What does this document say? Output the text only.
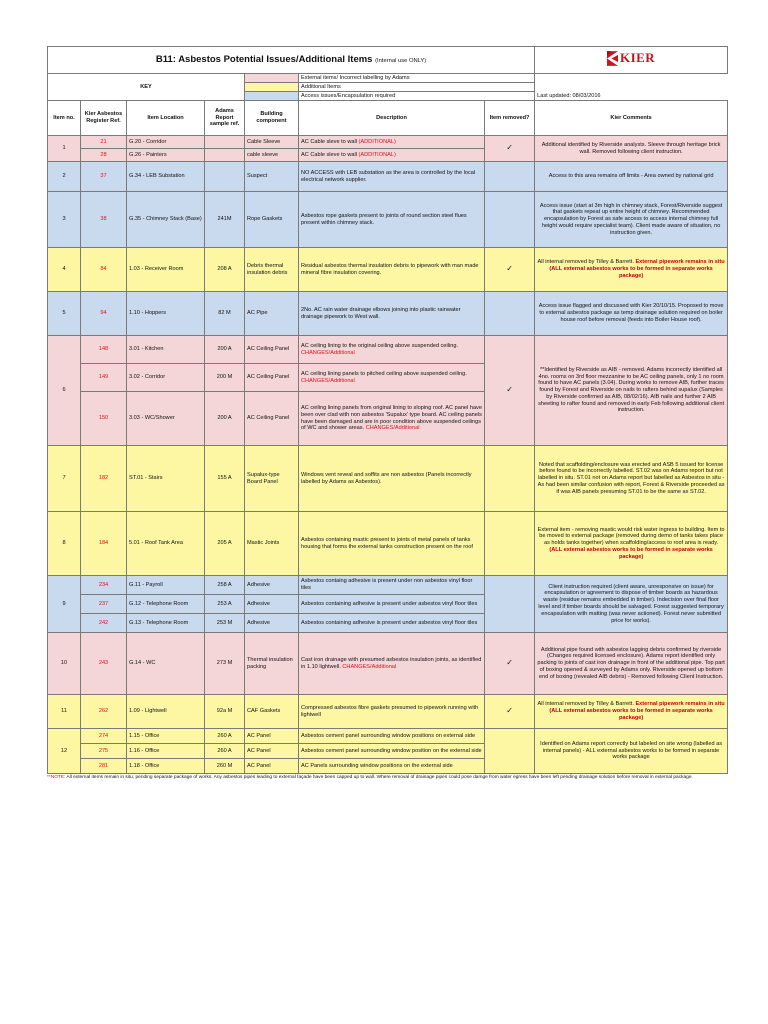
B11: Asbestos Potential Issues/Additional Items (Internal use ONLY)							KIER

KEY					External items/ Incorrect labelling by Adams		
					Additional Items		
					Access issues/Encapsulation required		Last updated: 08/03/2016
Item no.	Kier Asbestos Register Ref.	Item Location	Adams Report sample ref.	Building component	Description	Item removed?	Kier Comments
1	21	G.20 - Corridor		Cable Sleeve	AC Cable sleve to wall (ADDITIONAL)	✓	Additional identified by Riverside analysts. Sleeve through heritage brick wall. Removed following client instruction.
	28	G.26 - Painters		cable sleeve	AC Cable sleve to wall (ADDITIONAL)		
2	37	G.34 - LEB Substation		Suspect	NO ACCESS with LEB substation as the area is controlled by the local electrical network supplier.		Access to this area remains off limits - Area owned by national grid
3	38	G.35 - Chimney Stack (Base)	241M	Rope Gaskets	Asbestos rope gaskets present to joints of round section steel flues present within chimney stack.		Access issue (start at 3m high in chimney stack, Forest/Riverside suggest that gaskets repeat up entire height of chimney. Recommended encapsulation by Forest as safe access to access internal chimney full height would require specialist team). Client made aware of situation, no instruction given.
4	84	1.03 - Receiver Room	208 A	Debris thermal insulation debris	Residual asbestos thermal insulation debris to pipework with man made mineral fibre insulation covering.	✓	All internal removed by Tilley & Barrett. External pipework remains in situ (ALL external asbestos works to be formed in separate works package)
5	94	1.10 - Hoppers	82 M	AC Pipe	2No. AC rain water drainage elbows joining into plastic rainwater drainage pipework to West wall.		Access issue flagged and discussed with Kier 20/10/15. Proposed to move to external asbestos package as temp drainage solution required on boiler house roof before removal (feeds into Boiler House roof).
6	148	3.01 - Kitchen	200 A	AC Ceiling Panel	AC ceiling lining to the original ceiling above suspended ceiling. CHANGES/Additional	✓	**Identified by Riverside as AIB - removed. Adams incorrectly identified all 4no. rooms on 3rd floor mezzanine to be AC ceiling panels, only 1 no room found to have AC panels (3.04). During works to remove AIB, further traces found by Forest and Riverside on nails to rafters behind supalux (Samples by Riverside confirmed as AIB, 08/02/16). AIB nails and further 2 AIB sheeting to rafter found and removed in early Feb following additional client instruction.
	149	3.02 - Corridor	200 M	AC Ceiling Panel	AC ceiling lining panels to pitched ceiling above suspended ceiling. CHANGES/Additional		
	150	3.03 - WC/Shower	200 A	AC Ceiling Panel	AC ceiling lining panels from original lining to sloping roof. AC panel have been over clad with non asbestos 'Supalux' type board. AC ceiling panels have been damaged and are in poor condition above suspended ceilings of WC and shower areas. CHANGES/Additional		
7	182	ST.01 - Stairs	155 A	Supalux-type Board Panel	Windows vent reveal and soffits are non asbestos (Panels incorrectly labelled by Adams as Asbestos).		Noted that scaffolding/enclosure was erected and ASB 5 issued for license before found to be incorrectly labelled. ST.02 was on Adams report but not labelled in situ. ST.01 not on Adams report but labelled as Asbestos in situ - As had been similar confusion with report, Forest & Riverside proceeded as if was AIB panels presuming ST.01 to be the same as ST.02.
8	184	5.01 - Roof Tank Area	205 A	Mastic Joints	Asbestos containing mastic present to joints of metal panels of tanks housing that forms the external tanks construction present on the roof		External item - removing mastic would risk water ingress to building. Item to be moved to external package (removed during demo of tanks takes place as holds tanks together) when scaffolding/access to roof area is ready. (ALL external asbestos works to be formed in separate works package)
9	234	G.11 - Payroll	258 A	Adhesive	Asbestos containg adhesive is present under non asbestos vinyl floor tiles		Client instruction required (client aware, unresponsive on issue) for encapsulation or agreement to dispose of timber boards as hazardous waste (residue remains embedded in timber). Indecision over final floor level and if timber boards should be salvaged. Forest suggested temporary encapsulation with matting (was never actioned). Forest never submitted price for works).
	237	G.12 - Telephone Room	253 A	Adhesive	Asbestos containing adhesive is present under asbestos vinyl floor tiles		
	242	G.13 - Telephone Room	253 M	Adhesive	Asbestos containing adhesive is present under asbestos vinyl floor tiles		
10	243	G.14 - WC	273 M	Thermal insulation packing	Cast iron drainage with presumed asbestos insulation joints, as identified in 1.10 lightwell. CHANGES/Additional	✓	Additional pipe found with asbestos lagging debris confirmed by riverside (Changes required licensed enclosure). Adams report identified only packing to joints of cast iron drainage in front of the additional pipe. Top part of boxing opened & surveyed by Adams only. Riverside opened up bottom end of boxing (revealed AIB debris) - Removed following Client Instruction.
11	262	1.09 - Lightwell	92a M	CAF Gaskets	Compressed asbestos fibre gaskets presumed to pipework running with lightwell	✓	All internal removed by Tilley & Barrett. External pipework remains in situ (ALL external asbestos works to be formed in separate works package)
12	274	1.15 - Office	260 A	AC Panel	Asbestos cement panel surrounding window positions on external side		Identified on Adams report correctly but labeled on site wrong (labelled as internal panels) - ALL external asbestos works to be formed in separate works package
	275	1.16 - Office	260 A	AC Panel	Asbestos cement panel surrounding window position on the external side		
	281	1.18 - Office	260 M	AC Panel	AC Panels surrounding window positions on the external side		
**NOTE: All external items remain in situ, pending separate package of works. Any asbestos pipes leading to external façade have been capped up to wall. Where removal of drainage pipes could pose damge from water egress have been left pending drainage solution before removal in external package.
